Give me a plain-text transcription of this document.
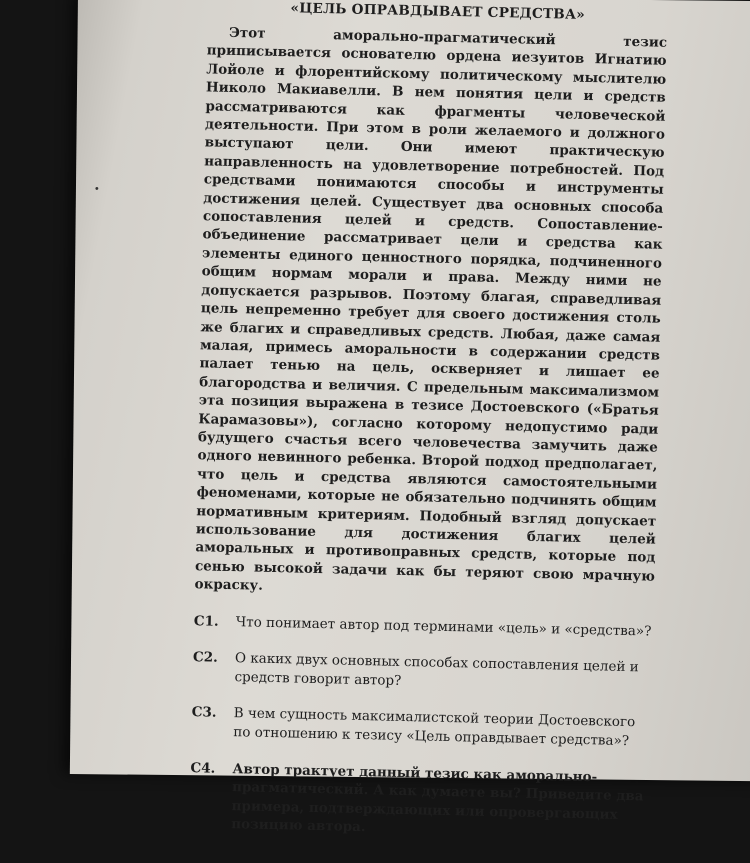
«ЦЕЛЬ ОПРАВДЫВАЕТ СРЕДСТВА»

Этот аморально-прагматический тезис приписывается основателю ордена иезуитов Игнатию Лойоле и флорентийскому политическому мыслителю Николо Макиавелли. В нем понятия цели и средств рассматриваются как фрагменты человеческой деятельности. При этом в роли желаемого и должного выступают цели. Они имеют практическую направленность на удовлетворение потребностей. Под средствами понимаются способы и инструменты достижения целей. Существует два основных способа сопоставления целей и средств. Сопоставление-объединение рассматривает цели и средства как элементы единого ценностного порядка, подчиненного общим нормам морали и права. Между ними не допускается разрывов. Поэтому благая, справедливая цель непременно требует для своего достижения столь же благих и справедливых средств. Любая, даже самая малая, примесь аморальности в содержании средств палает тенью на цель, оскверняет и лишает ее благородства и величия. С предельным максимализмом эта позиция выражена в тезисе Достоевского («Братья Карамазовы»), согласно которому недопустимо ради будущего счастья всего человечества замучить даже одного невинного ребенка. Второй подход предполагает, что цель и средства являются самостоятельными феноменами, которые не обязательно подчинять общим нормативным критериям. Подобный взгляд допускает использование для достижения благих целей аморальных и противоправных средств, которые под сенью высокой задачи как бы теряют свою мрачную окраску.

С1.	Что понимает автор под терминами «цель» и «средства»?
С2.	О каких двух основных способах сопоставления целей и средств говорит автор?
С3.	В чем сущность максималистской теории Достоевского по отношению к тезису «Цель оправдывает средства»?
С4.	Автор трактует данный тезис как аморально-прагматический. А как думаете вы? Приведите два примера, подтверждающих или опровергающих позицию автора.
•
